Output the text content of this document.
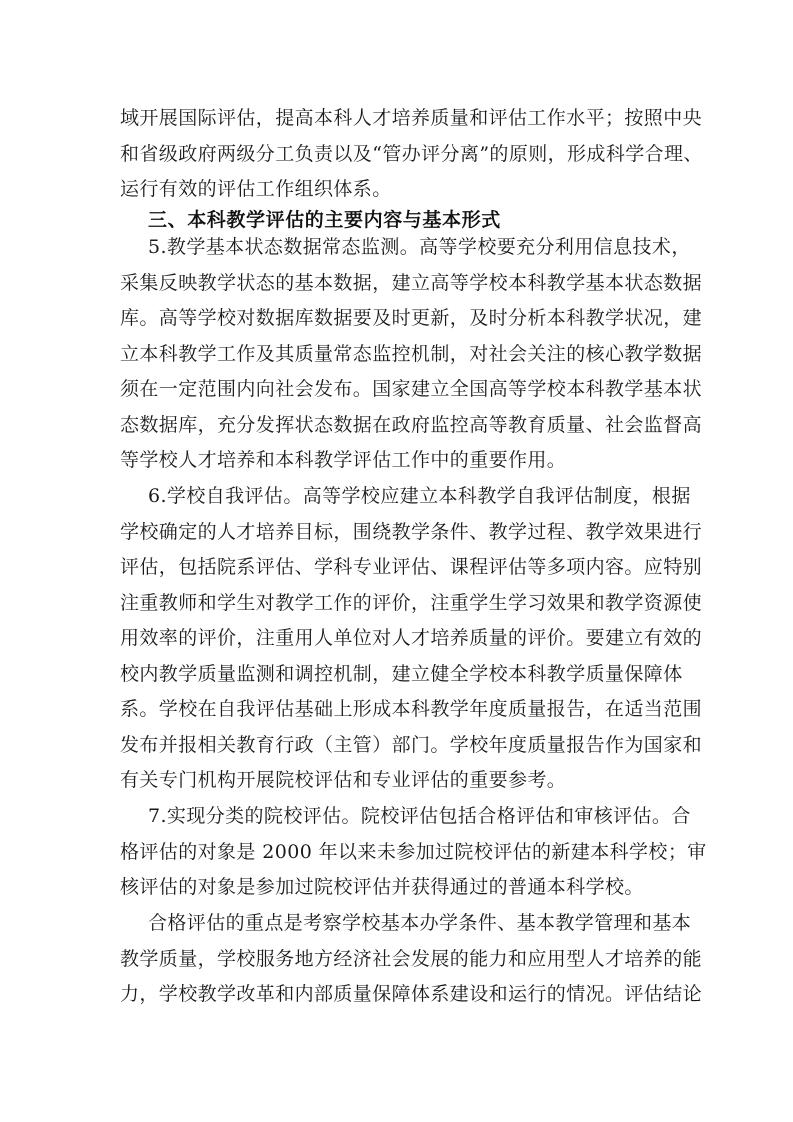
域开展国际评估，提高本科人才培养质量和评估工作水平；按照中央
和省级政府两级分工负责以及“管办评分离”的原则，形成科学合理、
运行有效的评估工作组织体系。

三、本科教学评估的主要内容与基本形式

5.教学基本状态数据常态监测。高等学校要充分利用信息技术，
采集反映教学状态的基本数据，建立高等学校本科教学基本状态数据
库。高等学校对数据库数据要及时更新，及时分析本科教学状况，建
立本科教学工作及其质量常态监控机制，对社会关注的核心教学数据
须在一定范围内向社会发布。国家建立全国高等学校本科教学基本状
态数据库，充分发挥状态数据在政府监控高等教育质量、社会监督高
等学校人才培养和本科教学评估工作中的重要作用。

6.学校自我评估。高等学校应建立本科教学自我评估制度，根据
学校确定的人才培养目标，围绕教学条件、教学过程、教学效果进行
评估，包括院系评估、学科专业评估、课程评估等多项内容。应特别
注重教师和学生对教学工作的评价，注重学生学习效果和教学资源使
用效率的评价，注重用人单位对人才培养质量的评价。要建立有效的
校内教学质量监测和调控机制，建立健全学校本科教学质量保障体
系。学校在自我评估基础上形成本科教学年度质量报告，在适当范围
发布并报相关教育行政（主管）部门。学校年度质量报告作为国家和
有关专门机构开展院校评估和专业评估的重要参考。

7.实现分类的院校评估。院校评估包括合格评估和审核评估。合
格评估的对象是 2000 年以来未参加过院校评估的新建本科学校；审
核评估的对象是参加过院校评估并获得通过的普通本科学校。

合格评估的重点是考察学校基本办学条件、基本教学管理和基本
教学质量，学校服务地方经济社会发展的能力和应用型人才培养的能
力，学校教学改革和内部质量保障体系建设和运行的情况。评估结论
